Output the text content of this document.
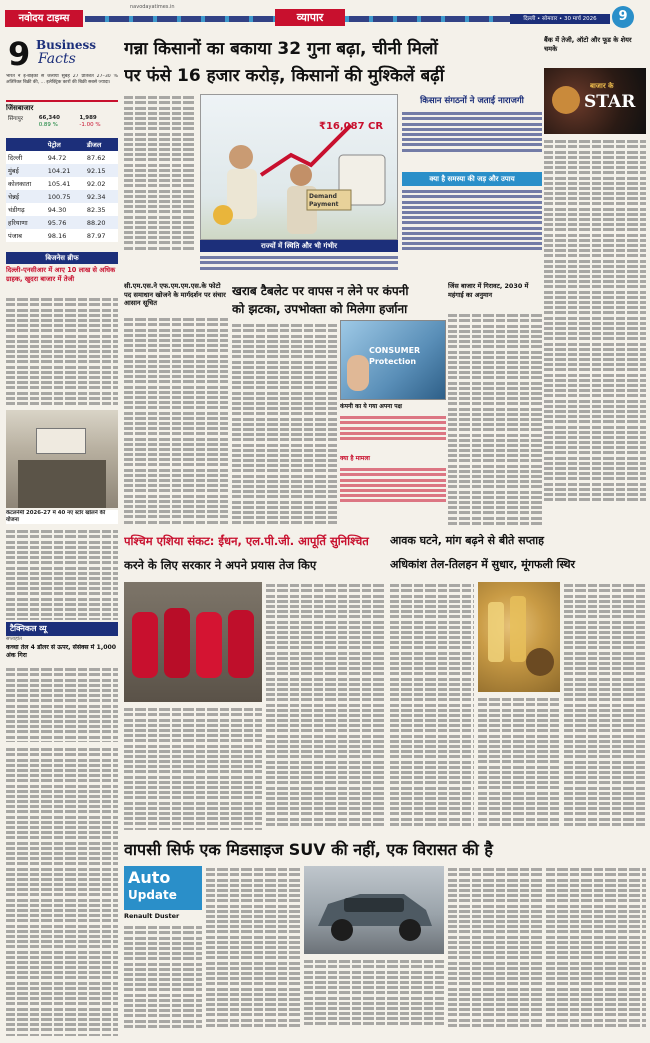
नवोदय टाइम्स
navodayatimes.in
व्यापार	दिल्ली • सोमवार • 30 मार्च 2026	9
9 Business
Facts
भारत ने ई-बाइकों से जलाया सुबह 27 प्रतिशत 27–30 % अतिरिक्त बिक्री की, ... इलेक्ट्रिक कारों की बिक्री सबसे ज्यादा।
जिंसबाजार
सिंगापुर	66,340	1,989
	0.89 %	-1.00 %
	पेट्रोल	डीजल
दिल्ली	94.72	87.62
मुंबई	104.21	92.15
कोलकाता	105.41	92.02
चेन्नई	100.75	92.34
चंडीगढ़	94.30	82.35
हरियाणा	95.76	88.20
पंजाब	98.16	87.97
बिजनेस ब्रीफ
दिल्ली-एनसीआर में आए 10 लाख से अधिक ग्राहक, खुदरा बाजार में तेजी
केटलनेमी 2026-27 में 40 नए स्टोर खोलने की योजना
टैक्निकल व्यू
सप्ताहांत
कच्चा तेल 4 डॉलर से ऊपर, सेंसेक्स में 1,000 अंक गिरा
गन्ना किसानों का बकाया 32 गुना बढ़ा, चीनी मिलों
पर फंसे 16 हजार करोड़, किसानों की मुश्किलें बढ़ीं
₹16,087 CR
Demand
Payment
राज्यों में स्थिति और भी गंभीर
किसान संगठनों ने जताई नाराजगी
क्या है समस्या की जड़ और उपाय
बैंक में तेजी, ऑटो और फूड के शेयर चमके
बाजार के
STAR
सी.एम.एस.ने एफ.एम.एम.एस.के फोटो पद समाधान खोजने के मार्गदर्शन पर संचार आसान सूचित
खराब टैबलेट पर वापस न लेने पर कंपनी
को झटका, उपभोक्ता को मिलेगा हर्जाना
CONSUMER Protection
कंपनी का ये गया अपना पक्ष
क्या है मामला
जिंस बाजार में गिरावट, 2030 में महंगाई का अनुमान
पश्चिम एशिया संकट: ईंधन, एल.पी.जी. आपूर्ति सुनिश्चित
करने के लिए सरकार ने अपने प्रयास तेज किए
आवक घटने, मांग बढ़ने से बीते सप्ताह
अधिकांश तेल-तिलहन में सुधार, मूंगफली स्थिर
वापसी सिर्फ एक मिडसाइज SUV की नहीं, एक विरासत की है
Auto
Update
Renault Duster
